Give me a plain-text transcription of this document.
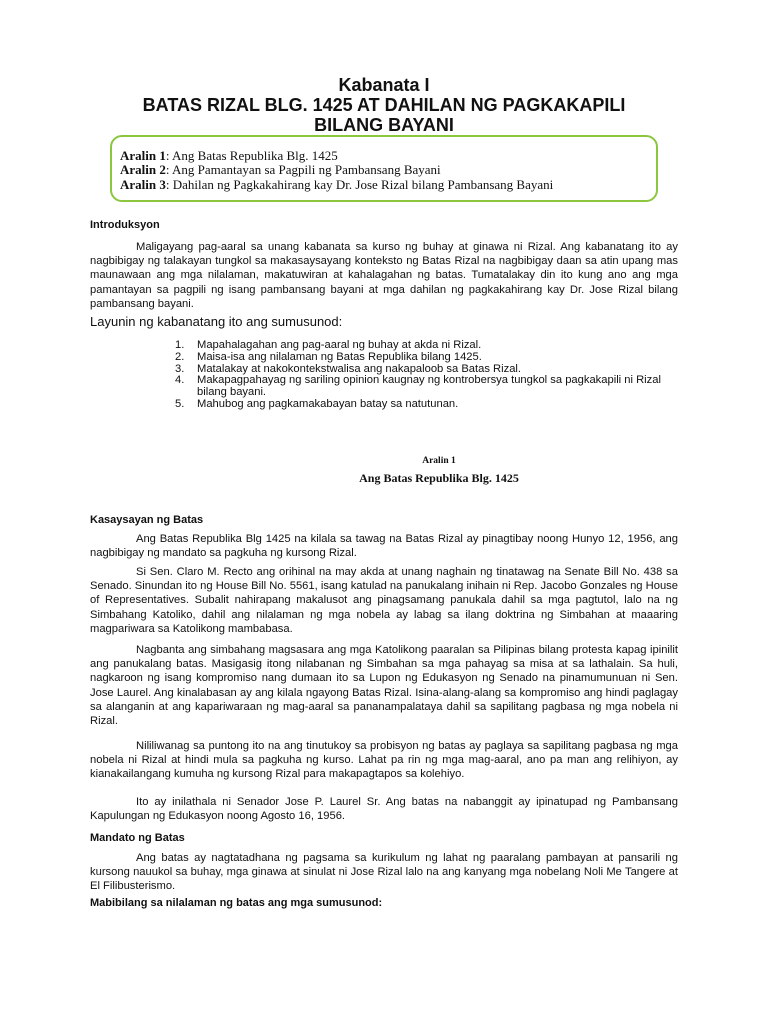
Kabanata I
BATAS RIZAL BLG. 1425 AT DAHILAN NG PAGKAKAPILI
BILANG BAYANI
Aralin 1: Ang Batas Republika Blg. 1425
Aralin 2: Ang Pamantayan sa Pagpili ng Pambansang Bayani
Aralin 3: Dahilan ng Pagkakahirang kay Dr. Jose Rizal bilang Pambansang Bayani
Introduksyon

Maligayang pag-aaral sa unang kabanata sa kurso ng buhay at ginawa ni Rizal. Ang kabanatang ito ay nagbibigay ng talakayan tungkol sa makasaysayang konteksto ng Batas Rizal na nagbibigay daan sa atin upang mas maunawaan ang mga nilalaman, makatuwiran at kahalagahan ng batas. Tumatalakay din ito kung ano ang mga pamantayan sa pagpili ng isang pambansang bayani at mga dahilan ng pagkakahirang kay Dr. Jose Rizal bilang pambansang bayani.

Layunin ng kabanatang ito ang sumusunod:
1. Mapahalagahan ang pag-aaral ng buhay at akda ni Rizal.
2. Maisa-isa ang nilalaman ng Batas Republika bilang 1425.
3. Matalakay at nakokontekstwalisa ang nakapaloob sa Batas Rizal.
4. Makapagpahayag ng sariling opinion kaugnay ng kontrobersya tungkol sa pagkakapili ni Rizal bilang bayani.
5. Mahubog ang pagkamakabayan batay sa natutunan.
Aralin 1
Ang Batas Republika Blg. 1425
Kasaysayan ng Batas

Ang Batas Republika Blg 1425 na kilala sa tawag na Batas Rizal ay pinagtibay noong Hunyo 12, 1956, ang nagbibigay ng mandato sa pagkuha ng kursong Rizal.

Si Sen. Claro M. Recto ang orihinal na may akda at unang naghain ng tinatawag na Senate Bill No. 438 sa Senado. Sinundan ito ng House Bill No. 5561, isang katulad na panukalang inihain ni Rep. Jacobo Gonzales ng House of Representatives. Subalit nahirapang makalusot ang pinagsamang panukala dahil sa mga pagtutol, lalo na ng Simbahang Katoliko, dahil ang nilalaman ng mga nobela ay labag sa ilang doktrina ng Simbahan at maaaring magpariwara sa Katolikong mambabasa.

Nagbanta ang simbahang magsasara ang mga Katolikong paaralan sa Pilipinas bilang protesta kapag ipinilit ang panukalang batas. Masigasig itong nilabanan ng Simbahan sa mga pahayag sa misa at sa lathalain. Sa huli, nagkaroon ng isang kompromiso nang dumaan ito sa Lupon ng Edukasyon ng Senado na pinamumunuan ni Sen. Jose Laurel. Ang kinalabasan ay ang kilala ngayong Batas Rizal. Isina-alang-alang sa kompromiso ang hindi paglagay sa alanganin at ang kapariwaraan ng mag-aaral sa pananampalataya dahil sa sapilitang pagbasa ng mga nobela ni Rizal.

Nililiwanag sa puntong ito na ang tinutukoy sa probisyon ng batas ay paglaya sa sapilitang pagbasa ng mga nobela ni Rizal at hindi mula sa pagkuha ng kurso. Lahat pa rin ng mga mag-aaral, ano pa man ang relihiyon, ay kianakailangang kumuha ng kursong Rizal para makapagtapos sa kolehiyo.

Ito ay inilathala ni Senador Jose P. Laurel Sr. Ang batas na nabanggit ay ipinatupad ng Pambansang Kapulungan ng Edukasyon noong Agosto 16, 1956.

Mandato ng Batas

Ang batas ay nagtatadhana ng pagsama sa kurikulum ng lahat ng paaralang pambayan at pansarili ng kursong nauukol sa buhay, mga ginawa at sinulat ni Jose Rizal lalo na ang kanyang mga nobelang Noli Me Tangere at El Filibusterismo.

Mabibilang sa nilalaman ng batas ang mga sumusunod:
